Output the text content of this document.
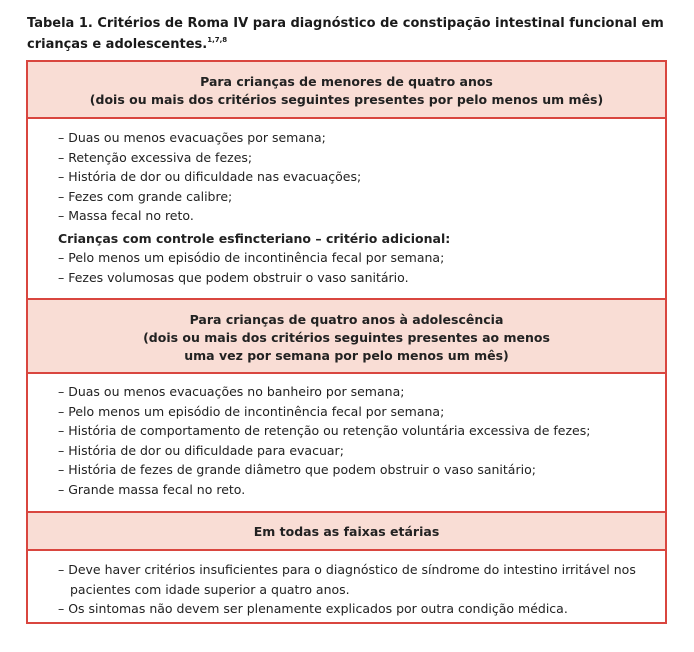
Tabela 1. Critérios de Roma IV para diagnóstico de constipação intestinal funcional em crianças e adolescentes.$^{1,7,8}$
Para crianças de menores de quatro anos
(dois ou mais dos critérios seguintes presentes por pelo menos um mês)
– Duas ou menos evacuações por semana;
– Retenção excessiva de fezes;
– História de dor ou dificuldade nas evacuações;
– Fezes com grande calibre;
– Massa fecal no reto.
Crianças com controle esfincteriano – critério adicional:
– Pelo menos um episódio de incontinência fecal por semana;
– Fezes volumosas que podem obstruir o vaso sanitário.
Para crianças de quatro anos à adolescência
(dois ou mais dos critérios seguintes presentes ao menos
uma vez por semana por pelo menos um mês)
– Duas ou menos evacuações no banheiro por semana;
– Pelo menos um episódio de incontinência fecal por semana;
– História de comportamento de retenção ou retenção voluntária excessiva de fezes;
– História de dor ou dificuldade para evacuar;
– História de fezes de grande diâmetro que podem obstruir o vaso sanitário;
– Grande massa fecal no reto.
Em todas as faixas etárias
– Deve haver critérios insuficientes para o diagnóstico de síndrome do intestino irritável nos pacientes com idade superior a quatro anos.
– Os sintomas não devem ser plenamente explicados por outra condição médica.
